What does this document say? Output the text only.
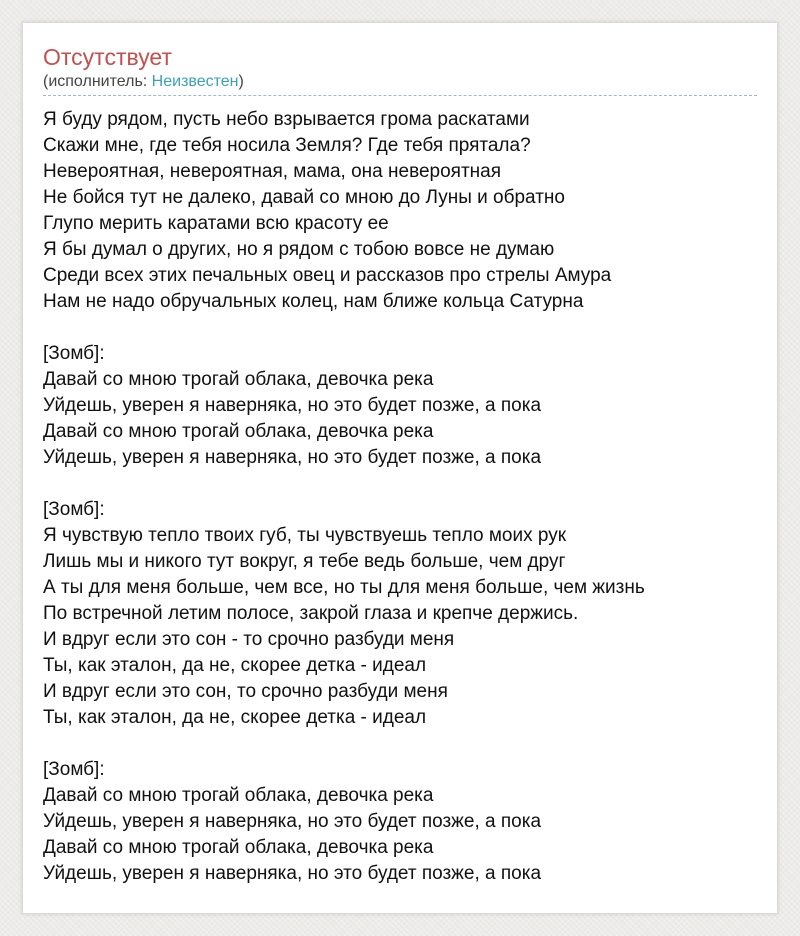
Отсутствует
(исполнитель: Неизвестен)
Я буду рядом, пусть небо взрывается грома раскатами
Скажи мне, где тебя носила Земля? Где тебя прятала?
Невероятная, невероятная, мама, она невероятная
Не бойся тут не далеко, давай со мною до Луны и обратно
Глупо мерить каратами всю красоту ее
Я бы думал о других, но я рядом с тобою вовсе не думаю
Среди всех этих печальных овец и рассказов про стрелы Амура
Нам не надо обручальных колец, нам ближе кольца Сатурна
[Зомб]:
Давай со мною трогай облака, девочка река
Уйдешь, уверен я наверняка, но это будет позже, а пока
Давай со мною трогай облака, девочка река
Уйдешь, уверен я наверняка, но это будет позже, а пока
[Зомб]:
Я чувствую тепло твоих губ, ты чувствуешь тепло моих рук
Лишь мы и никого тут вокруг, я тебе ведь больше, чем друг
А ты для меня больше, чем все, но ты для меня больше, чем жизнь
По встречной летим полосе, закрой глаза и крепче держись.
И вдруг если это сон - то срочно разбуди меня
Ты, как эталон, да не, скорее детка - идеал
И вдруг если это сон, то срочно разбуди меня
Ты, как эталон, да не, скорее детка - идеал
[Зомб]:
Давай со мною трогай облака, девочка река
Уйдешь, уверен я наверняка, но это будет позже, а пока
Давай со мною трогай облака, девочка река
Уйдешь, уверен я наверняка, но это будет позже, а пока
